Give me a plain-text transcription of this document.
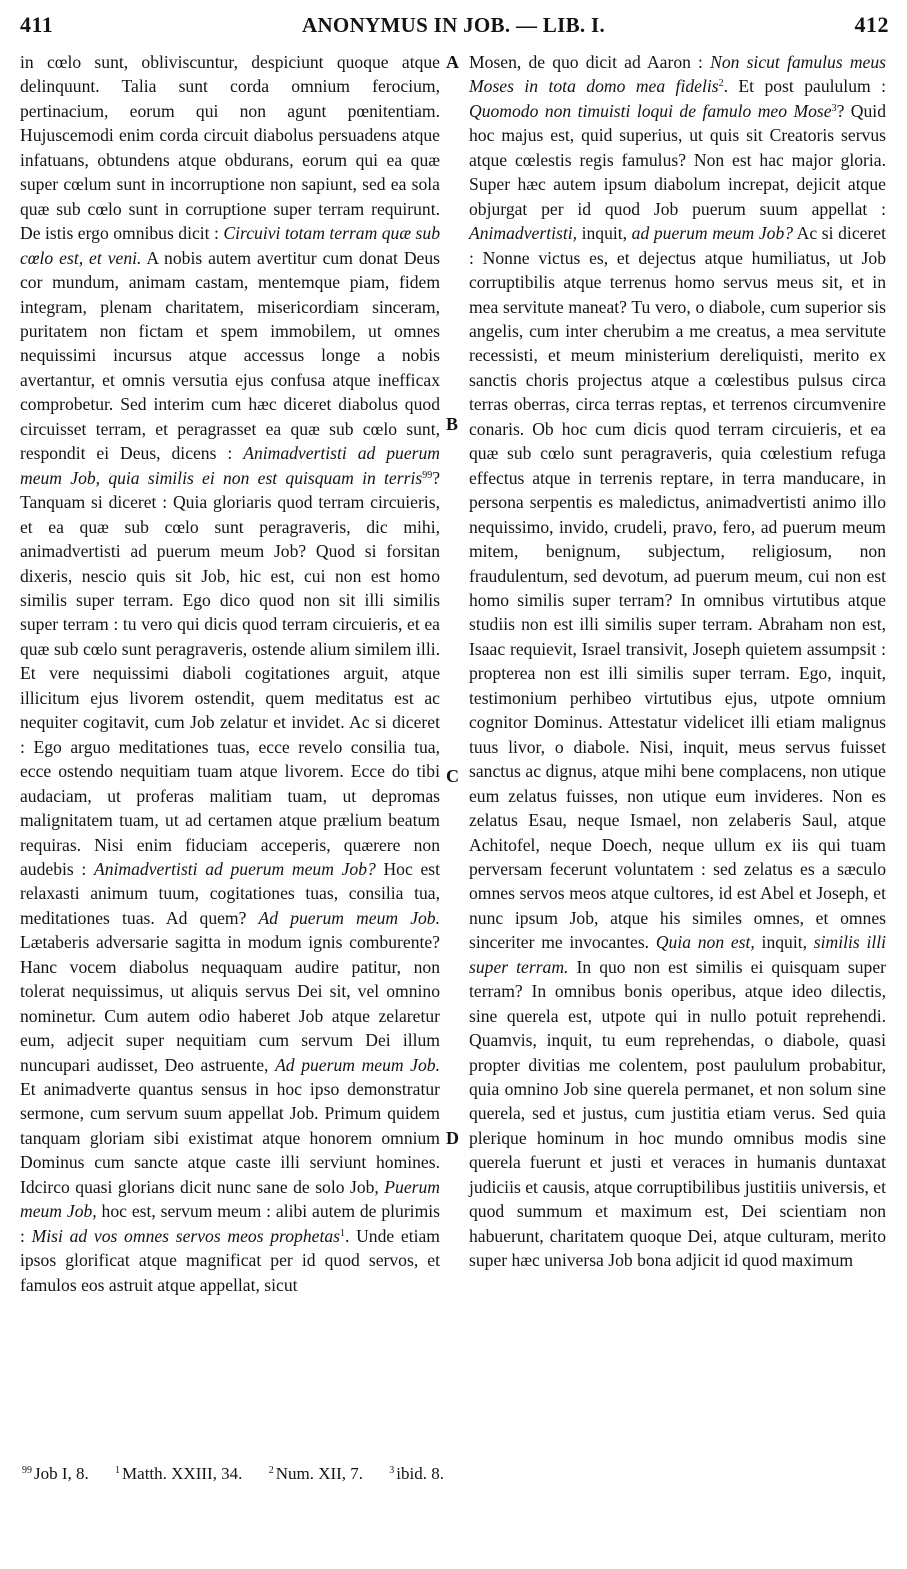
411	ANONYMUS IN JOB. — LIB. I.	412

in cœlo sunt, obliviscuntur, despiciunt quoque atque delinquunt. Talia sunt corda omnium ferocium, pertinacium, eorum qui non agunt pœnitentiam. Hujuscemodi enim corda circuit diabolus persuadens atque infatuans, obtundens atque obdurans, eorum qui ea quæ super cœlum sunt in incorruptione non sapiunt, sed ea sola quæ sub cœlo sunt in corruptione super terram requirunt. De istis ergo omnibus dicit : Circuivi totam terram quæ sub cœlo est, et veni. A nobis autem avertitur cum donat Deus cor mundum, animam castam, mentemque piam, fidem integram, plenam charitatem, misericordiam sinceram, puritatem non fictam et spem immobilem, ut omnes nequissimi incursus atque accessus longe a nobis avertantur, et omnis versutia ejus confusa atque inefficax comprobetur. Sed interim cum hæc diceret diabolus quod circuisset terram, et peragrasset ea quæ sub cœlo sunt, respondit ei Deus, dicens : Animadvertisti ad puerum meum Job, quia similis ei non est quisquam in terris$^{99}$? Tanquam si diceret : Quia gloriaris quod terram circuieris, et ea quæ sub cœlo sunt peragraveris, dic mihi, animadvertisti ad puerum meum Job? Quod si forsitan dixeris, nescio quis sit Job, hic est, cui non est homo similis super terram. Ego dico quod non sit illi similis super terram : tu vero qui dicis quod terram circuieris, et ea quæ sub cœlo sunt peragraveris, ostende alium similem illi. Et vere nequissimi diaboli cogitationes arguit, atque illicitum ejus livorem ostendit, quem meditatus est ac nequiter cogitavit, cum Job zelatur et invidet. Ac si diceret : Ego arguo meditationes tuas, ecce revelo consilia tua, ecce ostendo nequitiam tuam atque livorem. Ecce do tibi audaciam, ut proferas malitiam tuam, ut depromas malignitatem tuam, ut ad certamen atque prælium beatum requiras. Nisi enim fiduciam acceperis, quærere non audebis : Animadvertisti ad puerum meum Job? Hoc est relaxasti animum tuum, cogitationes tuas, consilia tua, meditationes tuas. Ad quem? Ad puerum meum Job. Lætaberis adversarie sagitta in modum ignis comburente? Hanc vocem diabolus nequaquam audire patitur, non tolerat nequissimus, ut aliquis servus Dei sit, vel omnino nominetur. Cum autem odio haberet Job atque zelaretur eum, adjecit super nequitiam cum servum Dei illum nuncupari audisset, Deo astruente, Ad puerum meum Job. Et animadverte quantus sensus in hoc ipso demonstratur sermone, cum servum suum appellat Job. Primum quidem tanquam gloriam sibi existimat atque honorem omnium Dominus cum sancte atque caste illi serviunt homines. Idcirco quasi glorians dicit nunc sane de solo Job, Puerum meum Job, hoc est, servum meum : alibi autem de plurimis : Misi ad vos omnes servos meos prophetas$^1$. Unde etiam ipsos glorificat atque magnificat per id quod servos, et famulos eos astruit atque appellat, sicut

A
B
C
D

Mosen, de quo dicit ad Aaron : Non sicut famulus meus Moses in tota domo mea fidelis$^2$. Et post paululum : Quomodo non timuisti loqui de famulo meo Mose$^3$? Quid hoc majus est, quid superius, ut quis sit Creatoris servus atque cœlestis regis famulus? Non est hac major gloria. Super hæc autem ipsum diabolum increpat, dejicit atque objurgat per id quod Job puerum suum appellat : Animadvertisti, inquit, ad puerum meum Job? Ac si diceret : Nonne victus es, et dejectus atque humiliatus, ut Job corruptibilis atque terrenus homo servus meus sit, et in mea servitute maneat? Tu vero, o diabole, cum superior sis angelis, cum inter cherubim a me creatus, a mea servitute recessisti, et meum ministerium dereliquisti, merito ex sanctis choris projectus atque a cœlestibus pulsus circa terras oberras, circa terras reptas, et terrenos circumvenire conaris. Ob hoc cum dicis quod terram circuieris, et ea quæ sub cœlo sunt peragraveris, quia cœlestium refuga effectus atque in terrenis reptare, in terra manducare, in persona serpentis es maledictus, animadvertisti animo illo nequissimo, invido, crudeli, pravo, fero, ad puerum meum mitem, benignum, subjectum, religiosum, non fraudulentum, sed devotum, ad puerum meum, cui non est homo similis super terram? In omnibus virtutibus atque studiis non est illi similis super terram. Abraham non est, Isaac requievit, Israel transivit, Joseph quietem assumpsit : propterea non est illi similis super terram. Ego, inquit, testimonium perhibeo virtutibus ejus, utpote omnium cognitor Dominus. Attestatur videlicet illi etiam malignus tuus livor, o diabole. Nisi, inquit, meus servus fuisset sanctus ac dignus, atque mihi bene complacens, non utique eum zelatus fuisses, non utique eum invideres. Non es zelatus Esau, neque Ismael, non zelaberis Saul, atque Achitofel, neque Doech, neque ullum ex iis qui tuam perversam fecerunt voluntatem : sed zelatus es a sæculo omnes servos meos atque cultores, id est Abel et Joseph, et nunc ipsum Job, atque his similes omnes, et omnes sinceriter me invocantes. Quia non est, inquit, similis illi super terram. In quo non est similis ei quisquam super terram? In omnibus bonis operibus, atque ideo dilectis, sine querela est, utpote qui in nullo potuit reprehendi. Quamvis, inquit, tu eum reprehendas, o diabole, quasi propter divitias me colentem, post paululum probabitur, quia omnino Job sine querela permanet, et non solum sine querela, sed et justus, cum justitia etiam verus. Sed quia plerique hominum in hoc mundo omnibus modis sine querela fuerunt et justi et veraces in humanis duntaxat judiciis et causis, atque corruptibilibus justitiis universis, et quod summum et maximum est, Dei scientiam non habuerunt, charitatem quoque Dei, atque culturam, merito super hæc universa Job bona adjicit id quod maximum

$^{99}$ Job I, 8.	$^1$ Matth. XXIII, 34.	$^2$ Num. XII, 7.	$^3$ ibid. 8.
